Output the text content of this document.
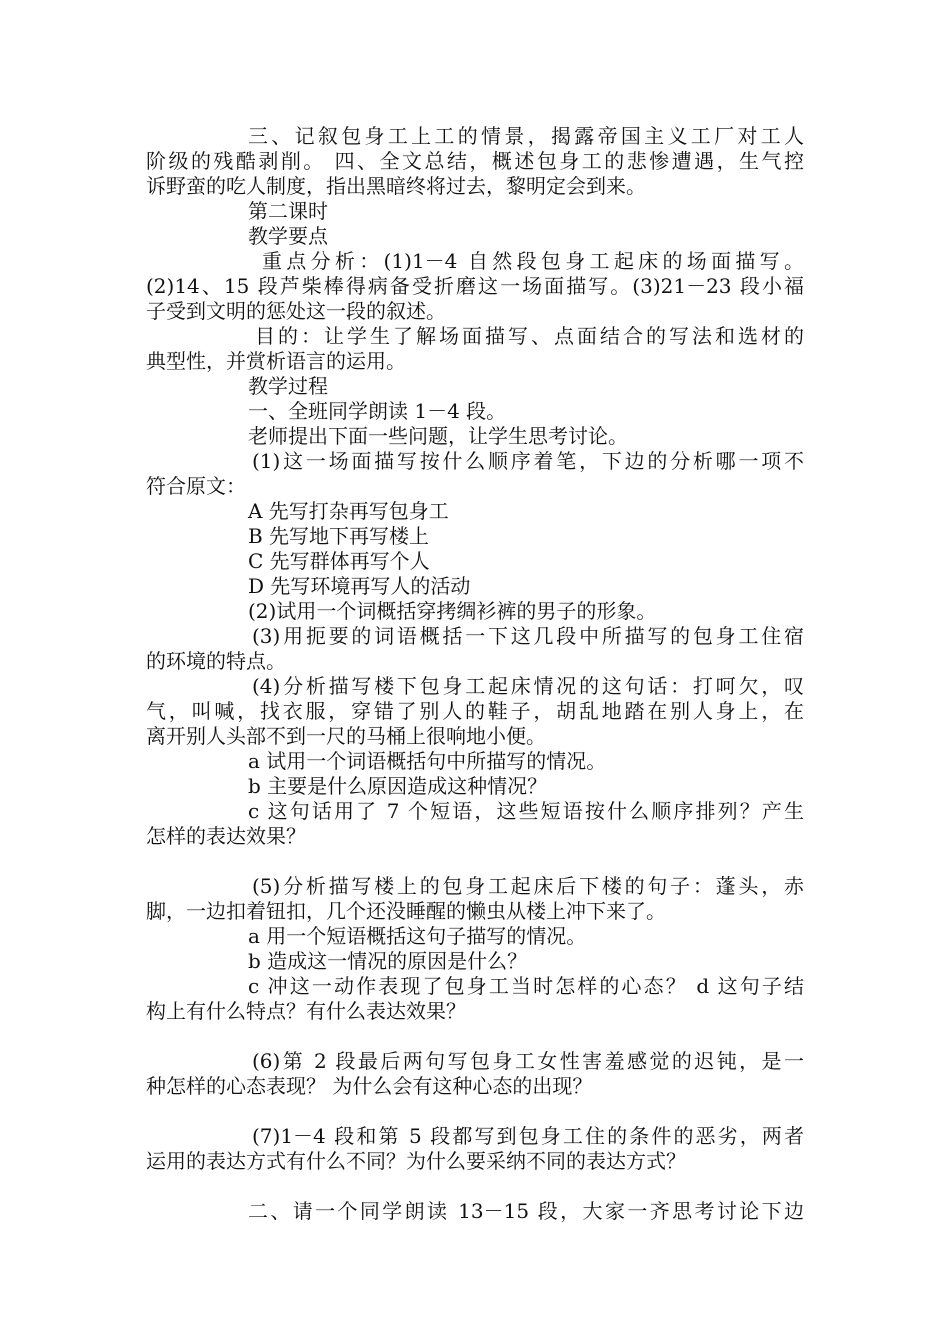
三、记叙包身工上工的情景，揭露帝国主义工厂对工人

阶级的残酷剥削。 四、全文总结，概述包身工的悲惨遭遇，生气控

诉野蛮的吃人制度，指出黑暗终将过去，黎明定会到来。

第二课时

教学要点

重点分析：(1)1－4 自然段包身工起床的场面描写。

(2)14、15 段芦柴棒得病备受折磨这一场面描写。(3)21－23 段小福

子受到文明的惩处这一段的叙述。

目的：让学生了解场面描写、点面结合的写法和选材的

典型性，并赏析语言的运用。

教学过程

一、全班同学朗读 1－4 段。

老师提出下面一些问题，让学生思考讨论。

(1)这一场面描写按什么顺序着笔，下边的分析哪一项不

符合原文：

A 先写打杂再写包身工

B 先写地下再写楼上

C 先写群体再写个人

D 先写环境再写人的活动

(2)试用一个词概括穿拷绸衫裤的男子的形象。

(3)用扼要的词语概括一下这几段中所描写的包身工住宿

的环境的特点。

(4)分析描写楼下包身工起床情况的这句话：打呵欠，叹

气，叫喊，找衣服，穿错了别人的鞋子，胡乱地踏在别人身上，在

离开别人头部不到一尺的马桶上很响地小便。

a 试用一个词语概括句中所描写的情况。

b 主要是什么原因造成这种情况？

c 这句话用了 7 个短语，这些短语按什么顺序排列？产生

怎样的表达效果？

(5)分析描写楼上的包身工起床后下楼的句子：蓬头，赤

脚，一边扣着钮扣，几个还没睡醒的懒虫从楼上冲下来了。

a 用一个短语概括这句子描写的情况。

b 造成这一情况的原因是什么？

c 冲这一动作表现了包身工当时怎样的心态？ d 这句子结

构上有什么特点？有什么表达效果？

(6)第 2 段最后两句写包身工女性害羞感觉的迟钝，是一

种怎样的心态表现？ 为什么会有这种心态的出现？

(7)1－4 段和第 5 段都写到包身工住的条件的恶劣，两者

运用的表达方式有什么不同？为什么要采纳不同的表达方式？

二、请一个同学朗读 13－15 段，大家一齐思考讨论下边
